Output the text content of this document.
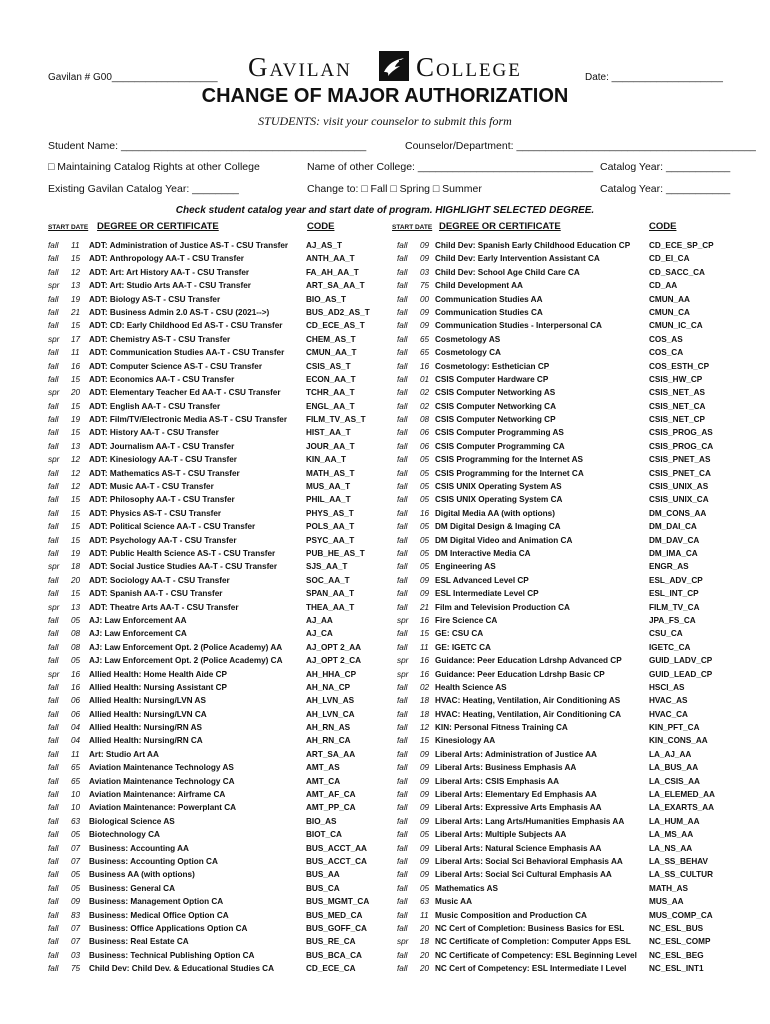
Gavilan # G00___________________ Gavilan College	Date: ____________________
CHANGE OF MAJOR AUTHORIZATION
STUDENTS: visit your counselor to submit this form
Student Name: __________________________________________	Counselor/Department: _________________________________________
□ Maintaining Catalog Rights at other College	Name of other College: ______________________________ Catalog Year: ___________
Existing Gavilan Catalog Year: ________	Change to: □ Fall □ Spring □ Summer	Catalog Year: ___________
Check student catalog year and start date of program. HIGHLIGHT SELECTED DEGREE.
START DATE DEGREE OR CERTIFICATE	CODE	START DATE DEGREE OR CERTIFICATE	CODE
fall 11 ADT: Administration of Justice AS-T - CSU Transfer AJ_AS_T
fall 15 ADT: Anthropology AA-T - CSU Transfer	ANTH_AA_T
fall 12 ADT: Art: Art History AA-T - CSU Transfer	FA_AH_AA_T
spr 13 ADT: Art: Studio Arts AA-T - CSU Transfer	ART_SA_AA_T
fall 19 ADT: Biology AS-T - CSU Transfer	BIO_AS_T
fall 21 ADT: Business Admin 2.0 AS-T - CSU (2021-->)	BUS_AD2_AS_T
fall 15 ADT: CD: Early Childhood Ed AS-T - CSU Transfer	CD_ECE_AS_T
spr 17 ADT: Chemistry AS-T - CSU Transfer	CHEM_AS_T
fall 11 ADT: Communication Studies AA-T - CSU Transfer	CMUN_AA_T
fall 16 ADT: Computer Science AS-T - CSU Transfer	CSIS_AS_T
fall 15 ADT: Economics AA-T - CSU Transfer	ECON_AA_T
spr 20 ADT: Elementary Teacher Ed AA-T - CSU Transfer	TCHR_AA_T
fall 15 ADT: English AA-T - CSU Transfer	ENGL_AA_T
fall 19 ADT: Film/TV/Electronic Media AS-T - CSU Transfer FILM_TV_AS_T
fall 15 ADT: History AA-T - CSU Transfer	HIST_AA_T
fall 13 ADT: Journalism AA-T - CSU Transfer	JOUR_AA_T
spr 12 ADT: Kinesiology AA-T - CSU Transfer	KIN_AA_T
fall 12 ADT: Mathematics AS-T - CSU Transfer	MATH_AS_T
fall 12 ADT: Music AA-T - CSU Transfer	MUS_AA_T
fall 15 ADT: Philosophy AA-T - CSU Transfer	PHIL_AA_T
fall 15 ADT: Physics AS-T - CSU Transfer	PHYS_AS_T
fall 15 ADT: Political Science AA-T - CSU Transfer	POLS_AA_T
fall 15 ADT: Psychology AA-T - CSU Transfer	PSYC_AA_T
fall 19 ADT: Public Health Science AS-T - CSU Transfer	PUB_HE_AS_T
spr 18 ADT: Social Justice Studies AA-T - CSU Transfer	SJS_AA_T
fall 20 ADT: Sociology AA-T - CSU Transfer	SOC_AA_T
fall 15 ADT: Spanish AA-T - CSU Transfer	SPAN_AA_T
spr 13 ADT: Theatre Arts AA-T - CSU Transfer	THEA_AA_T
fall 05 AJ: Law Enforcement AA	AJ_AA
fall 08 AJ: Law Enforcement CA	AJ_CA
fall 08 AJ: Law Enforcement Opt. 2 (Police Academy) AA	AJ_OPT 2_AA
fall 05 AJ: Law Enforcement Opt. 2 (Police Academy) CA	AJ_OPT 2_CA
spr 16 Allied Health: Home Health Aide CP	AH_HHA_CP
fall 16 Allied Health: Nursing Assistant CP	AH_NA_CP
fall 06 Allied Health: Nursing/LVN AS	AH_LVN_AS
fall 06 Allied Health: Nursing/LVN CA	AH_LVN_CA
fall 04 Allied Health: Nursing/RN AS	AH_RN_AS
fall 04 Allied Health: Nursing/RN CA	AH_RN_CA
fall 11 Art: Studio Art AA	ART_SA_AA
fall 65 Aviation Maintenance Technology AS	AMT_AS
fall 65 Aviation Maintenance Technology CA	AMT_CA
fall 10 Aviation Maintenance: Airframe CA	AMT_AF_CA
fall 10 Aviation Maintenance: Powerplant CA	AMT_PP_CA
fall 63 Biological Science AS	BIO_AS
fall 05 Biotechnology CA	BIOT_CA
fall 07 Business: Accounting AA	BUS_ACCT_AA
fall 07 Business: Accounting Option CA	BUS_ACCT_CA
fall 05 Business AA (with options)	BUS_AA
fall 05 Business: General CA	BUS_CA
fall 09 Business: Management Option CA	BUS_MGMT_CA
fall 83 Business: Medical Office Option CA	BUS_MED_CA
fall 07 Business: Office Applications Option CA	BUS_GOFF_CA
fall 07 Business: Real Estate CA	BUS_RE_CA
fall 03 Business: Technical Publishing Option CA	BUS_BCA_CA
fall 75 Child Dev: Child Dev. & Educational Studies CA	CD_ECE_CA
fall 09 Child Dev: Spanish Early Childhood Education CP CD_ECE_SP_CP
fall 09 Child Dev: Early Intervention Assistant CA	CD_EI_CA
fall 03 Child Dev: School Age Child Care CA	CD_SACC_CA
fall 75 Child Development AA	CD_AA
fall 00 Communication Studies AA	CMUN_AA
fall 09 Communication Studies CA	CMUN_CA
fall 09 Communication Studies - Interpersonal CA	CMUN_IC_CA
fall 65 Cosmetology AS	COS_AS
fall 65 Cosmetology CA	COS_CA
fall 16 Cosmetology: Esthetician CP	COS_ESTH_CP
fall 01 CSIS Computer Hardware CP	CSIS_HW_CP
fall 02 CSIS Computer Networking AS	CSIS_NET_AS
fall 02 CSIS Computer Networking CA	CSIS_NET_CA
fall 08 CSIS Computer Networking CP	CSIS_NET_CP
fall 06 CSIS Computer Programming AS	CSIS_PROG_AS
fall 06 CSIS Computer Programming CA	CSIS_PROG_CA
fall 05 CSIS Programming for the Internet AS	CSIS_PNET_AS
fall 05 CSIS Programming for the Internet CA	CSIS_PNET_CA
fall 05 CSIS UNIX Operating System AS	CSIS_UNIX_AS
fall 05 CSIS UNIX Operating System CA	CSIS_UNIX_CA
fall 16 Digital Media AA (with options)	DM_CONS_AA
fall 05 DM Digital Design & Imaging CA	DM_DAI_CA
fall 05 DM Digital Video and Animation CA	DM_DAV_CA
fall 05 DM Interactive Media CA	DM_IMA_CA
fall 05 Engineering AS	ENGR_AS
fall 09 ESL Advanced Level CP	ESL_ADV_CP
fall 09 ESL Intermediate Level CP	ESL_INT_CP
fall 21 Film and Television Production CA	FILM_TV_CA
spr 16 Fire Science CA	JPA_FS_CA
fall 15 GE: CSU CA	CSU_CA
fall 11 GE: IGETC CA	IGETC_CA
spr 16 Guidance: Peer Education Ldrshp Advanced CP	GUID_LADV_CP
spr 16 Guidance: Peer Education Ldrshp Basic CP	GUID_LEAD_CP
fall 02 Health Science AS	HSCI_AS
fall 18 HVAC: Heating, Ventilation, Air Conditioning AS	HVAC_AS
fall 18 HVAC: Heating, Ventilation, Air Conditioning CA	HVAC_CA
fall 12 KIN: Personal Fitness Training CA	KIN_PFT_CA
fall 15 Kinesiology AA	KIN_CONS_AA
fall 09 Liberal Arts: Administration of Justice AA	LA_AJ_AA
fall 09 Liberal Arts: Business Emphasis AA	LA_BUS_AA
fall 09 Liberal Arts: CSIS Emphasis AA	LA_CSIS_AA
fall 09 Liberal Arts: Elementary Ed Emphasis AA	LA_ELEMED_AA
fall 09 Liberal Arts: Expressive Arts Emphasis AA	LA_EXARTS_AA
fall 09 Liberal Arts: Lang Arts/Humanities Emphasis AA	LA_HUM_AA
fall 05 Liberal Arts: Multiple Subjects AA	LA_MS_AA
fall 09 Liberal Arts: Natural Science Emphasis AA	LA_NS_AA
fall 09 Liberal Arts: Social Sci Behavioral Emphasis AA	LA_SS_BEHAV
fall 09 Liberal Arts: Social Sci Cultural Emphasis AA	LA_SS_CULTUR
fall 05 Mathematics AS	MATH_AS
fall 63 Music AA	MUS_AA
fall 11 Music Composition and Production CA	MUS_COMP_CA
fall 20 NC Cert of Completion: Business Basics for ESL	NC_ESL_BUS
spr 18 NC Certificate of Completion: Computer Apps ESL NC_ESL_COMP
fall 20 NC Certificate of Competency: ESL Beginning Level NC_ESL_BEG
fall 20 NC Cert of Competency: ESL Intermediate I Level	NC_ESL_INT1
